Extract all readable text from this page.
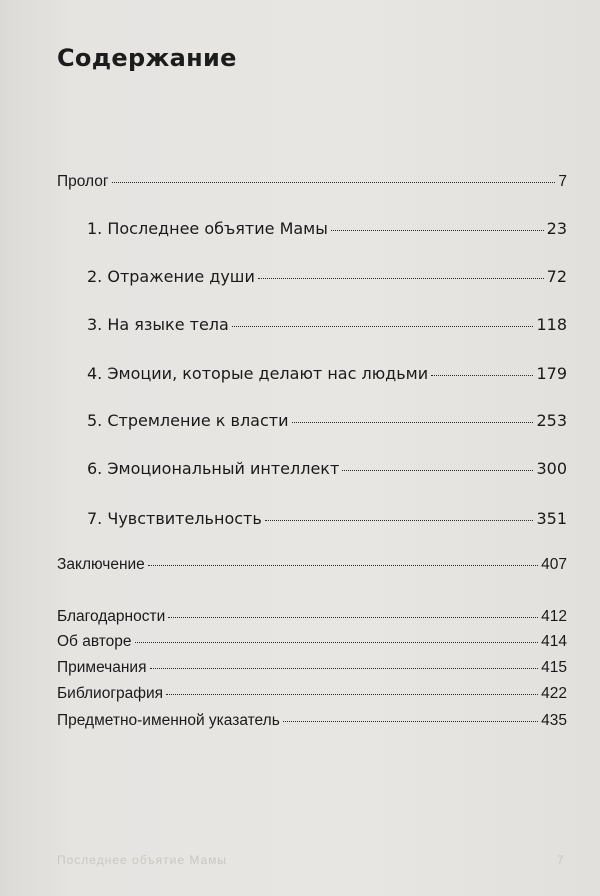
Содержание
Пролог	7
1. Последнее объятие Мамы	23
2. Отражение души	72
3. На языке тела	118
4. Эмоции, которые делают нас людьми	179
5. Стремление к власти	253
6. Эмоциональный интеллект	300
7. Чувствительность	351
Заключение	407
Благодарности	412
Об авторе	414
Примечания	415
Библиография	422
Предметно-именной указатель	435
Последнее объятие Мамы	7
